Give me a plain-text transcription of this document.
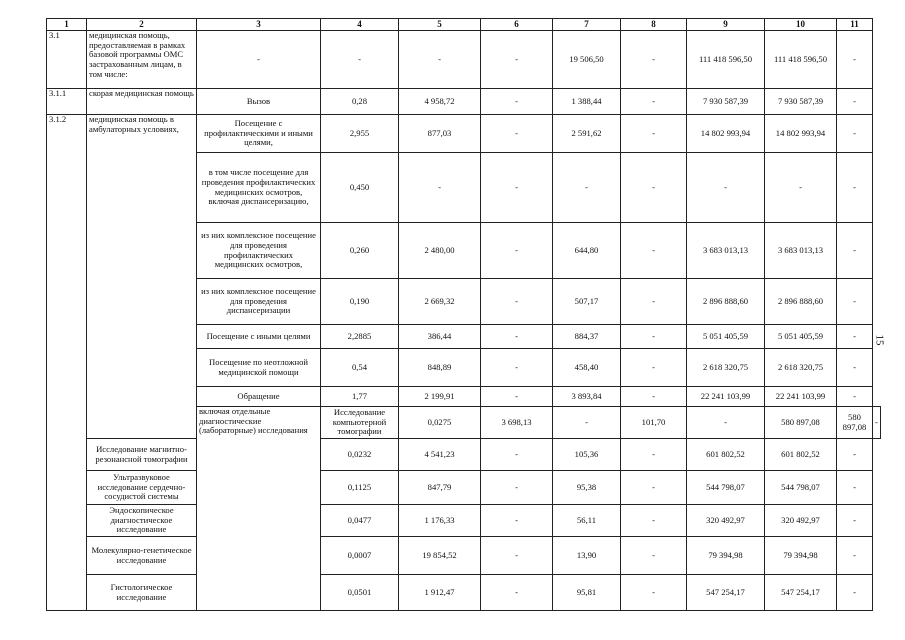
1	2	3	4	5	6	7	8	9	10	11	
3.1	медицинская помощь, предоставляемая в рамках базовой программы ОМС застрахованным лицам, в том числе:	-	-	-	-	19 506,50	-	111 418 596,50	111 418 596,50	-	
3.1.1	скорая медицинская помощь	Вызов	0,28	4 958,72	-	1 388,44	-	7 930 587,39	7 930 587,39	-	
3.1.2	медицинская помощь в амбулаторных условиях,	Посещение с профилактическими и иными целями,	2,955	877,03	-	2 591,62	-	14 802 993,94	14 802 993,94	-	
		в том числе посещение для проведения профилактических медицинских осмотров, включая диспансеризацию,	0,450	-	-	-	-	-	-	-	
		из них комплексное посещение для проведения профилактических медицинских осмотров,	0,260	2 480,00	-	644,80	-	3 683 013,13	3 683 013,13	-	
		из них комплексное посещение для проведения диспансеризации	0,190	2 669,32	-	507,17	-	2 896 888,60	2 896 888,60	-	
		Посещение с иными целями	2,2885	386,44	-	884,37	-	5 051 405,59	5 051 405,59	-	
		Посещение по неотложной медицинской помощи	0,54	848,89	-	458,40	-	2 618 320,75	2 618 320,75	-	
		Обращение	1,77	2 199,91	-	3 893,84	-	22 241 103,99	22 241 103,99	-	
		включая отдельные диагностические (лабораторные) исследования	Исследование компьютерной томографии	0,0275	3 698,13	-	101,70	-	580 897,08	580 897,08	-
	Исследование магнитно-резонансной томографии		0,0232	4 541,23	-	105,36	-	601 802,52	601 802,52	-	
	Ультразвуковое исследование сердечно-сосудистой системы		0,1125	847,79	-	95,38	-	544 798,07	544 798,07	-	
	Эндоскопическое диагностическое исследование		0,0477	1 176,33	-	56,11	-	320 492,97	320 492,97	-	
	Молекулярно-генетическое исследование		0,0007	19 854,52	-	13,90	-	79 394,98	79 394,98	-	
	Гистологическое исследование		0,0501	1 912,47	-	95,81	-	547 254,17	547 254,17	-	
15
